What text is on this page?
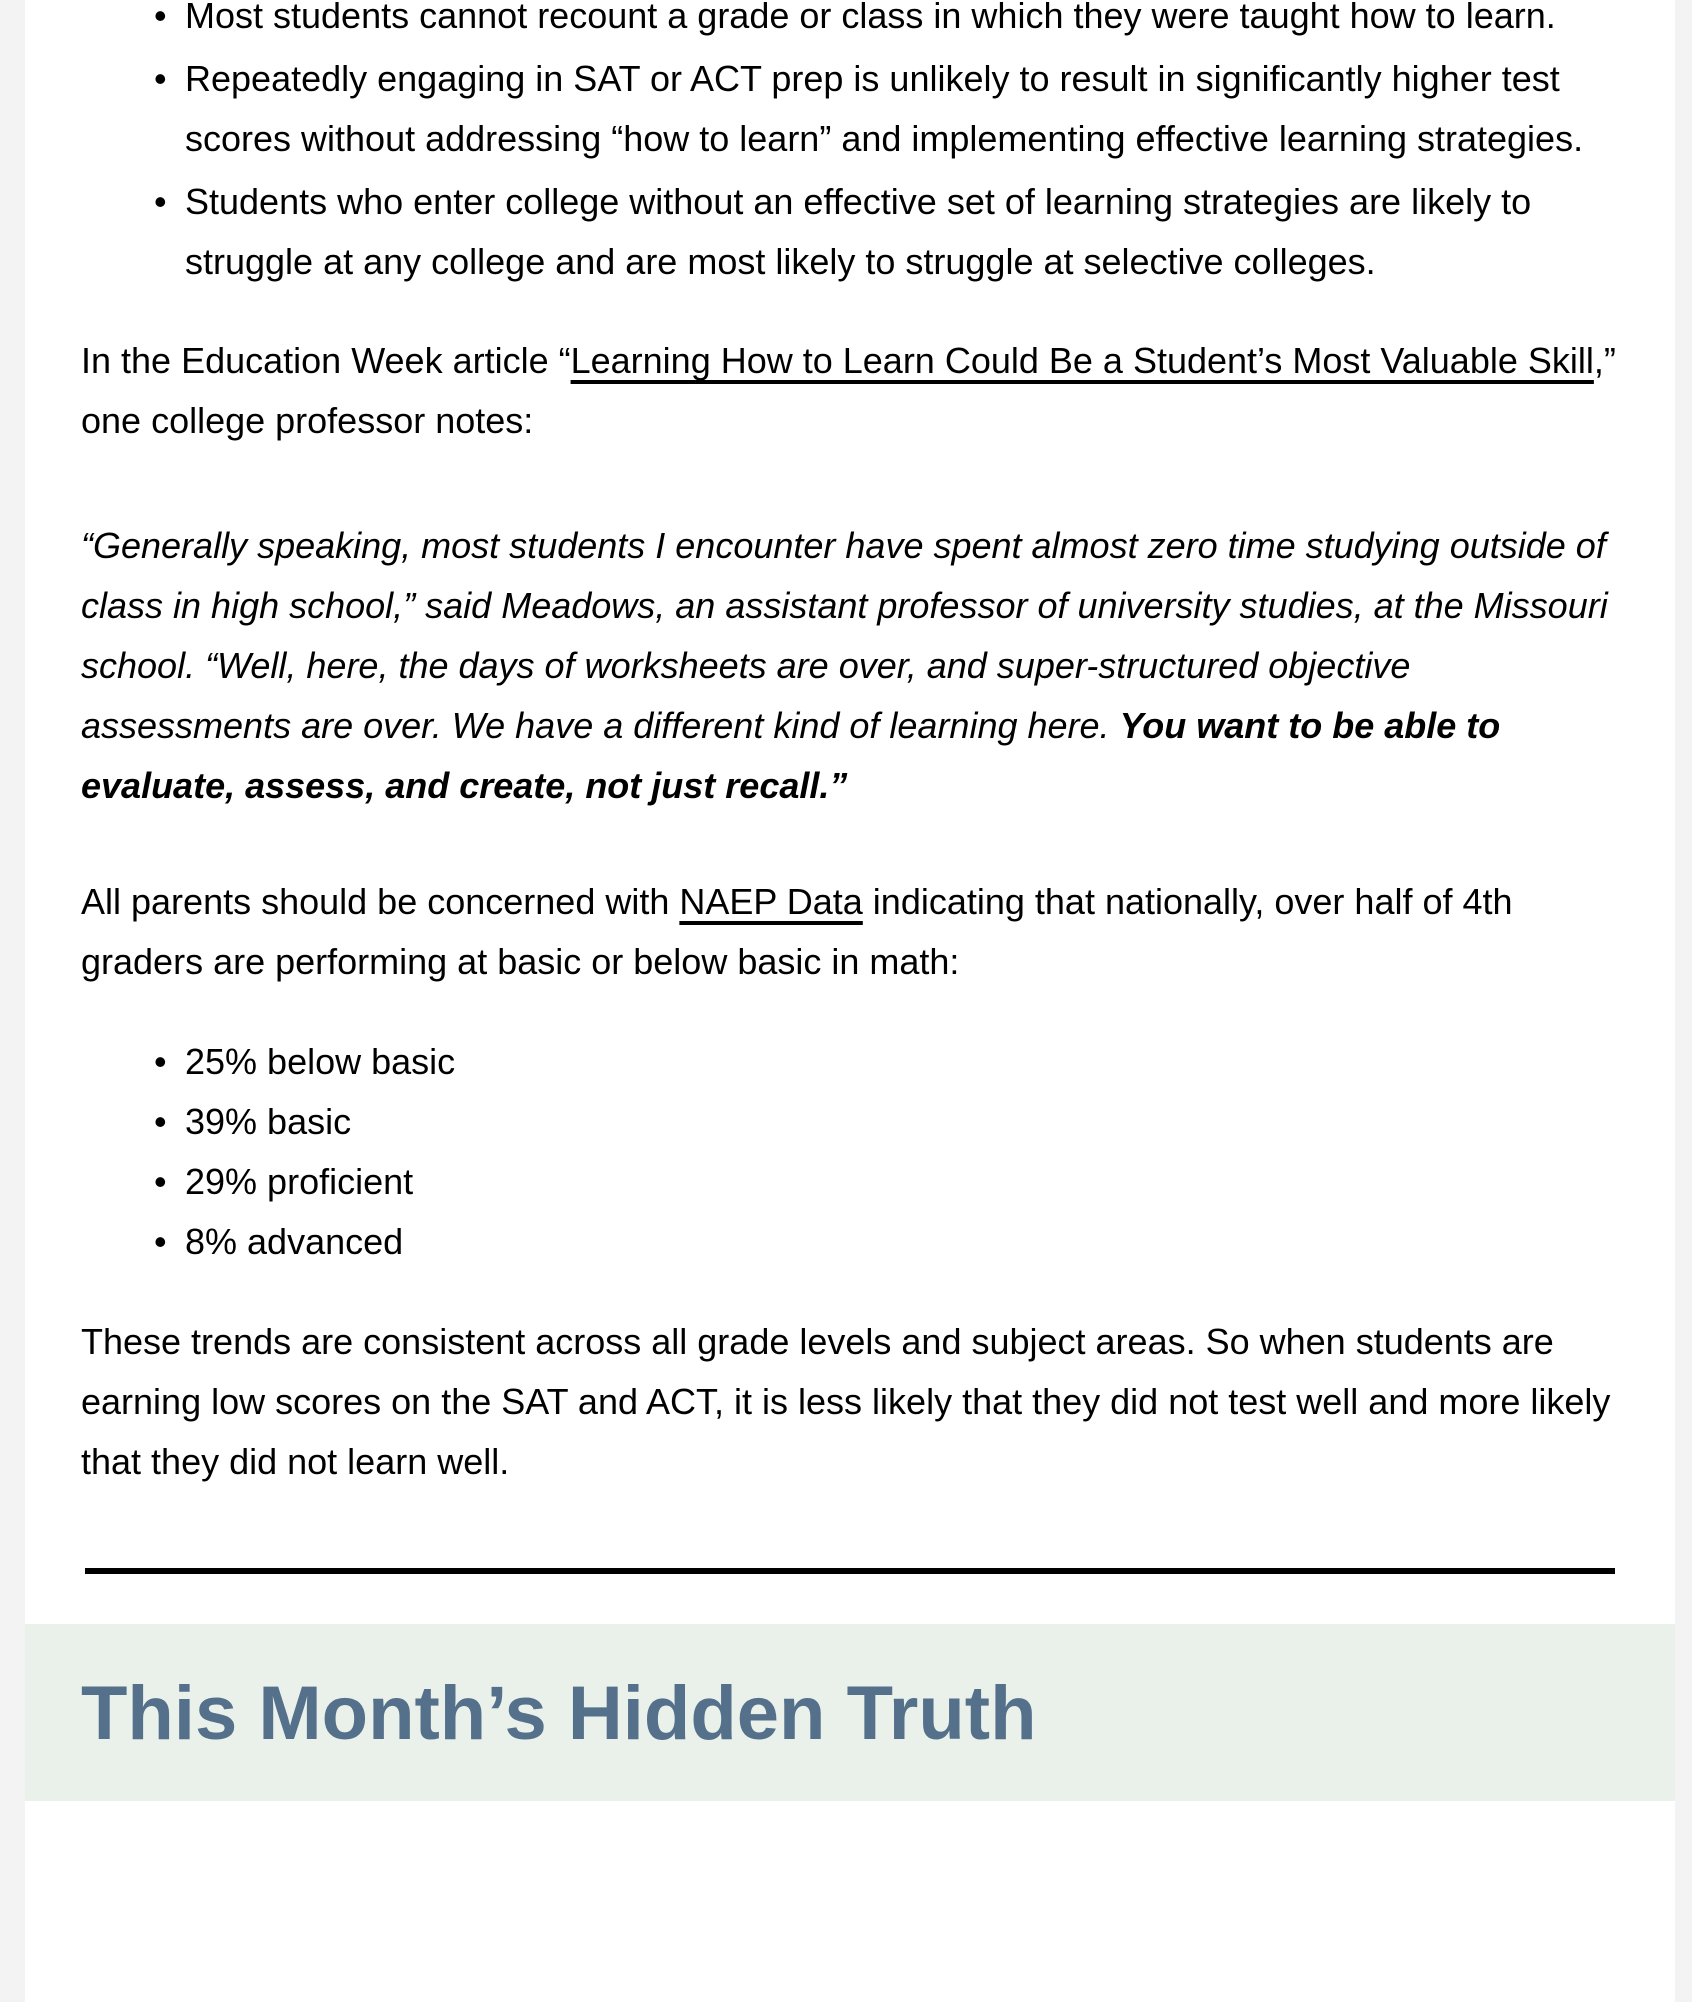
• Most students cannot recount a grade or class in which they were taught how to learn.
• Repeatedly engaging in SAT or ACT prep is unlikely to result in significantly higher test scores without addressing “how to learn” and implementing effective learning strategies.
• Students who enter college without an effective set of learning strategies are likely to struggle at any college and are most likely to struggle at selective colleges.

In the Education Week article “Learning How to Learn Could Be a Student’s Most Valuable Skill,” one college professor notes:

“Generally speaking, most students I encounter have spent almost zero time studying outside of class in high school,” said Meadows, an assistant professor of university studies, at the Missouri school. “Well, here, the days of worksheets are over, and super-structured objective assessments are over. We have a different kind of learning here. You want to be able to evaluate, assess, and create, not just recall.”

All parents should be concerned with NAEP Data indicating that nationally, over half of 4th graders are performing at basic or below basic in math:

• 25% below basic
• 39% basic
• 29% proficient
• 8% advanced

These trends are consistent across all grade levels and subject areas. So when students are earning low scores on the SAT and ACT, it is less likely that they did not test well and more likely that they did not learn well.

This Month’s Hidden Truth
